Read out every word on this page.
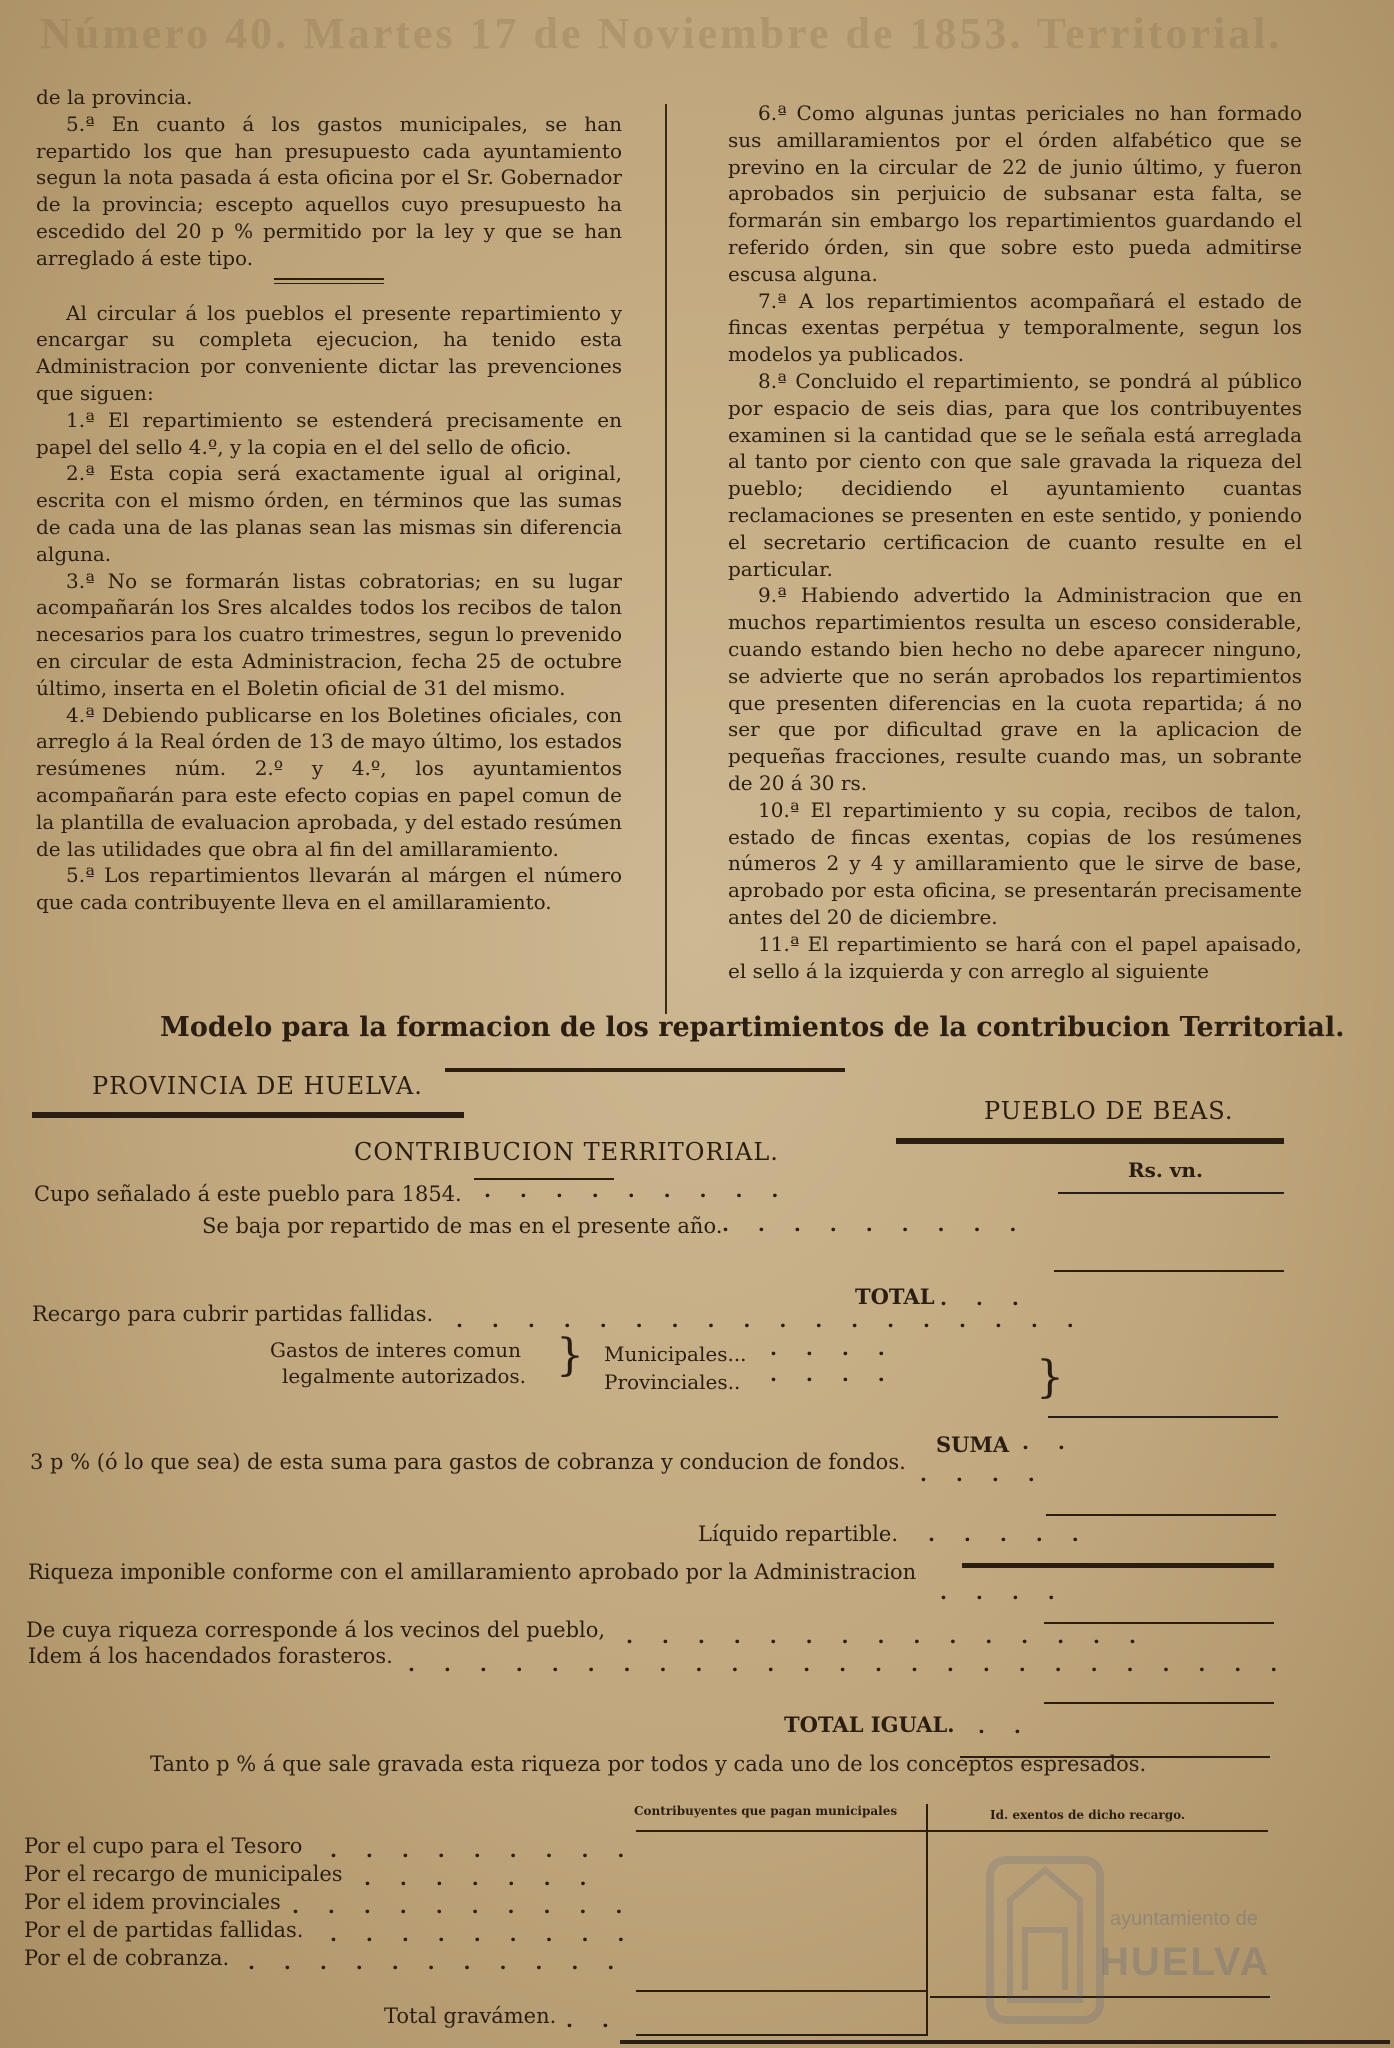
Número 40. Martes 17 de Noviembre de 1853. Territorial.

de la provincia.

5.ª En cuanto á los gastos municipales, se han repartido los que han presupuesto cada ayuntamiento segun la nota pasada á esta oficina por el Sr. Gobernador de la provincia; escepto aquellos cuyo presupuesto ha escedido del 20 p % permitido por la ley y que se han arreglado á este tipo.

Al circular á los pueblos el presente repartimiento y encargar su completa ejecucion, ha tenido esta Administracion por conveniente dictar las prevenciones que siguen:

1.ª El repartimiento se estenderá precisamente en papel del sello 4.º, y la copia en el del sello de oficio.

2.ª Esta copia será exactamente igual al original, escrita con el mismo órden, en términos que las sumas de cada una de las planas sean las mismas sin diferencia alguna.

3.ª No se formarán listas cobratorias; en su lugar acompañarán los Sres alcaldes todos los recibos de talon necesarios para los cuatro trimestres, segun lo prevenido en circular de esta Administracion, fecha 25 de octubre último, inserta en el Boletin oficial de 31 del mismo.

4.ª Debiendo publicarse en los Boletines oficiales, con arreglo á la Real órden de 13 de mayo último, los estados resúmenes núm. 2.º y 4.º, los ayuntamientos acompañarán para este efecto copias en papel comun de la plantilla de evaluacion aprobada, y del estado resúmen de las utilidades que obra al fin del amillaramiento.

5.ª Los repartimientos llevarán al márgen el número que cada contribuyente lleva en el amillaramiento.

6.ª Como algunas juntas periciales no han formado sus amillaramientos por el órden alfabético que se previno en la circular de 22 de junio último, y fueron aprobados sin perjuicio de subsanar esta falta, se formarán sin embargo los repartimientos guardando el referido órden, sin que sobre esto pueda admitirse escusa alguna.

7.ª A los repartimientos acompañará el estado de fincas exentas perpétua y temporalmente, segun los modelos ya publicados.

8.ª Concluido el repartimiento, se pondrá al público por espacio de seis dias, para que los contribuyentes examinen si la cantidad que se le señala está arreglada al tanto por ciento con que sale gravada la riqueza del pueblo; decidiendo el ayuntamiento cuantas reclamaciones se presenten en este sentido, y poniendo el secretario certificacion de cuanto resulte en el particular.

9.ª Habiendo advertido la Administracion que en muchos repartimientos resulta un esceso considerable, cuando estando bien hecho no debe aparecer ninguno, se advierte que no serán aprobados los repartimientos que presenten diferencias en la cuota repartida; á no ser que por dificultad grave en la aplicacion de pequeñas fracciones, resulte cuando mas, un sobrante de 20 á 30 rs.

10.ª El repartimiento y su copia, recibos de talon, estado de fincas exentas, copias de los resúmenes números 2 y 4 y amillaramiento que le sirve de base, aprobado por esta oficina, se presentarán precisamente antes del 20 de diciembre.

11.ª El repartimiento se hará con el papel apaisado, el sello á la izquierda y con arreglo al siguiente

Modelo para la formacion de los repartimientos de la contribucion Territorial.
PROVINCIA DE HUELVA.
PUEBLO DE BEAS.
CONTRIBUCION TERRITORIAL.
Rs. vn.
Cupo señalado á este pueblo para 1854. . . . . . . . . .
Se baja por repartido de mas en el presente año. . . . . . . . . .
TOTAL . . .
Recargo para cubrir partidas fallidas. . . . . . . . . . . . . . . . . . .
Gastos de interes comun
legalmente autorizados. } Municipales...
Provinciales..
. . . .
. . . .	}
SUMA . .
3 p % (ó lo que sea) de esta suma para gastos de cobranza y conducion de fondos. . . . .
Líquido repartible. . . . . .
Riqueza imponible conforme con el amillaramiento aprobado por la Administracion
. . . .
De cuya riqueza corresponde á los vecinos del pueblo, . . . . . . . . . . . . . . .
Idem á los hacendados forasteros. . . . . . . . . . . . . . . . . . . . . . . . . .
TOTAL IGUAL. . .
Tanto p % á que sale gravada esta riqueza por todos y cada uno de los conceptos espresados.
Contribuyentes que pagan municipales	Id. exentos de dicho recargo.
Por el cupo para el Tesoro . . . . . . . . .
Por el recargo de municipales . . . . . . .
Por el idem provinciales . . . . . . . . . .
Por el de partidas fallidas. . . . . . . . . .
Por el de cobranza. . . . . . . . . . . .
Total gravámen. . .
ayuntamiento de
HUELVA
